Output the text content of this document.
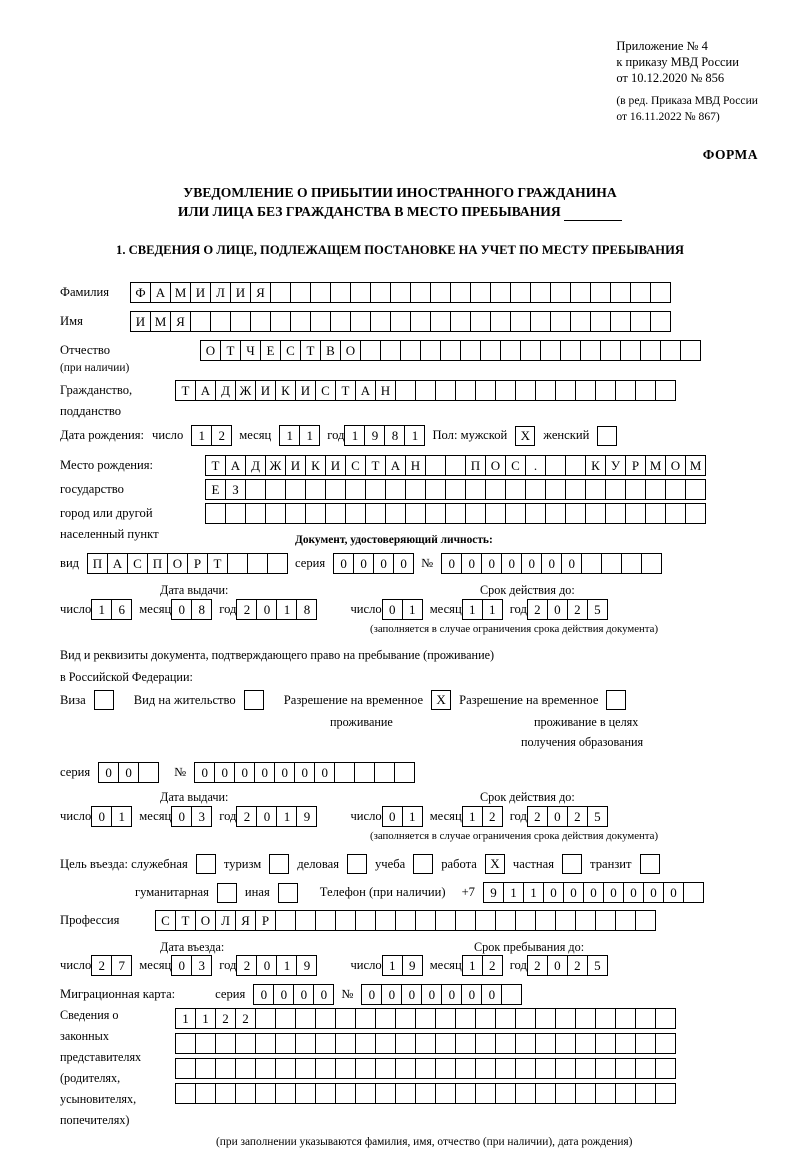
Приложение № 4
к приказу МВД России
от 10.12.2020 № 856
(в ред. Приказа МВД России
от 16.11.2022 № 867)
ФОРМА
УВЕДОМЛЕНИЕ О ПРИБЫТИИ ИНОСТРАННОГО ГРАЖДАНИНА
ИЛИ ЛИЦА БЕЗ ГРАЖДАНСТВА В МЕСТО ПРЕБЫВАНИЯ
1. СВЕДЕНИЯ О ЛИЦЕ, ПОДЛЕЖАЩЕМ ПОСТАНОВКЕ НА УЧЕТ ПО МЕСТУ ПРЕБЫВАНИЯ
Фамилия	Ф А М И Л И Я
Имя	И М Я
Отчество	О Т Ч Е С Т В О
(при наличии)
Гражданство,	Т А Д Ж И К И С Т А Н
подданство
Дата рождения: число	1	2	месяц	1	1	год 1	9	8	1	Пол: мужской	X	женский
Место рождения:	Т А Д Ж И К И С Т А Н	П О С	.	К У Р М О М
государство	Е З
город или другой
населенный пункт	Документ, удостоверяющий личность:
вид	П А С П О Р Т	серия	0	0	0	0	№	0	0	0	0	0	0	0
Дата выдачи:	Срок действия до:
число 1	6	месяц 0	8	год 2	0	1	8	число 0	1	месяц 1	1	год 2	0	2	5
(заполняется в случае ограничения срока действия документа)
Вид и реквизиты документа, подтверждающего право на пребывание (проживание)
в Российской Федерации:
Виза	Вид на жительство	Разрешение на временное	X	Разрешение на временное
проживание	проживание в целях
получения образования
серия	0	0	№	0	0	0	0	0	0	0
Дата выдачи:	Срок действия до:
число 0	1	месяц 0	3	год 2	0	1	9	число 0	1	месяц 1	2	год 2	0	2	5
(заполняется в случае ограничения срока действия документа)
Цель въезда: служебная	туризм	деловая	учеба	работа	X	частная	транзит
гуманитарная	иная	Телефон (при наличии) +7	9	1	1	0	0	0	0	0	0	0
Профессия	С Т О Л Я Р
Дата въезда:	Срок пребывания до:
число 2	7	месяц 0	3	год 2	0	1	9	число 1	9	месяц 1	2	год 2	0	2	5
Миграционная карта:	серия	0	0	0	0	№	0	0	0	0	0	0	0
Сведения о
законных
представителях
(родителях,
усыновителях,
попечителях)
1	1	2	2
(при заполнении указываются фамилия, имя, отчество (при наличии), дата рождения)
